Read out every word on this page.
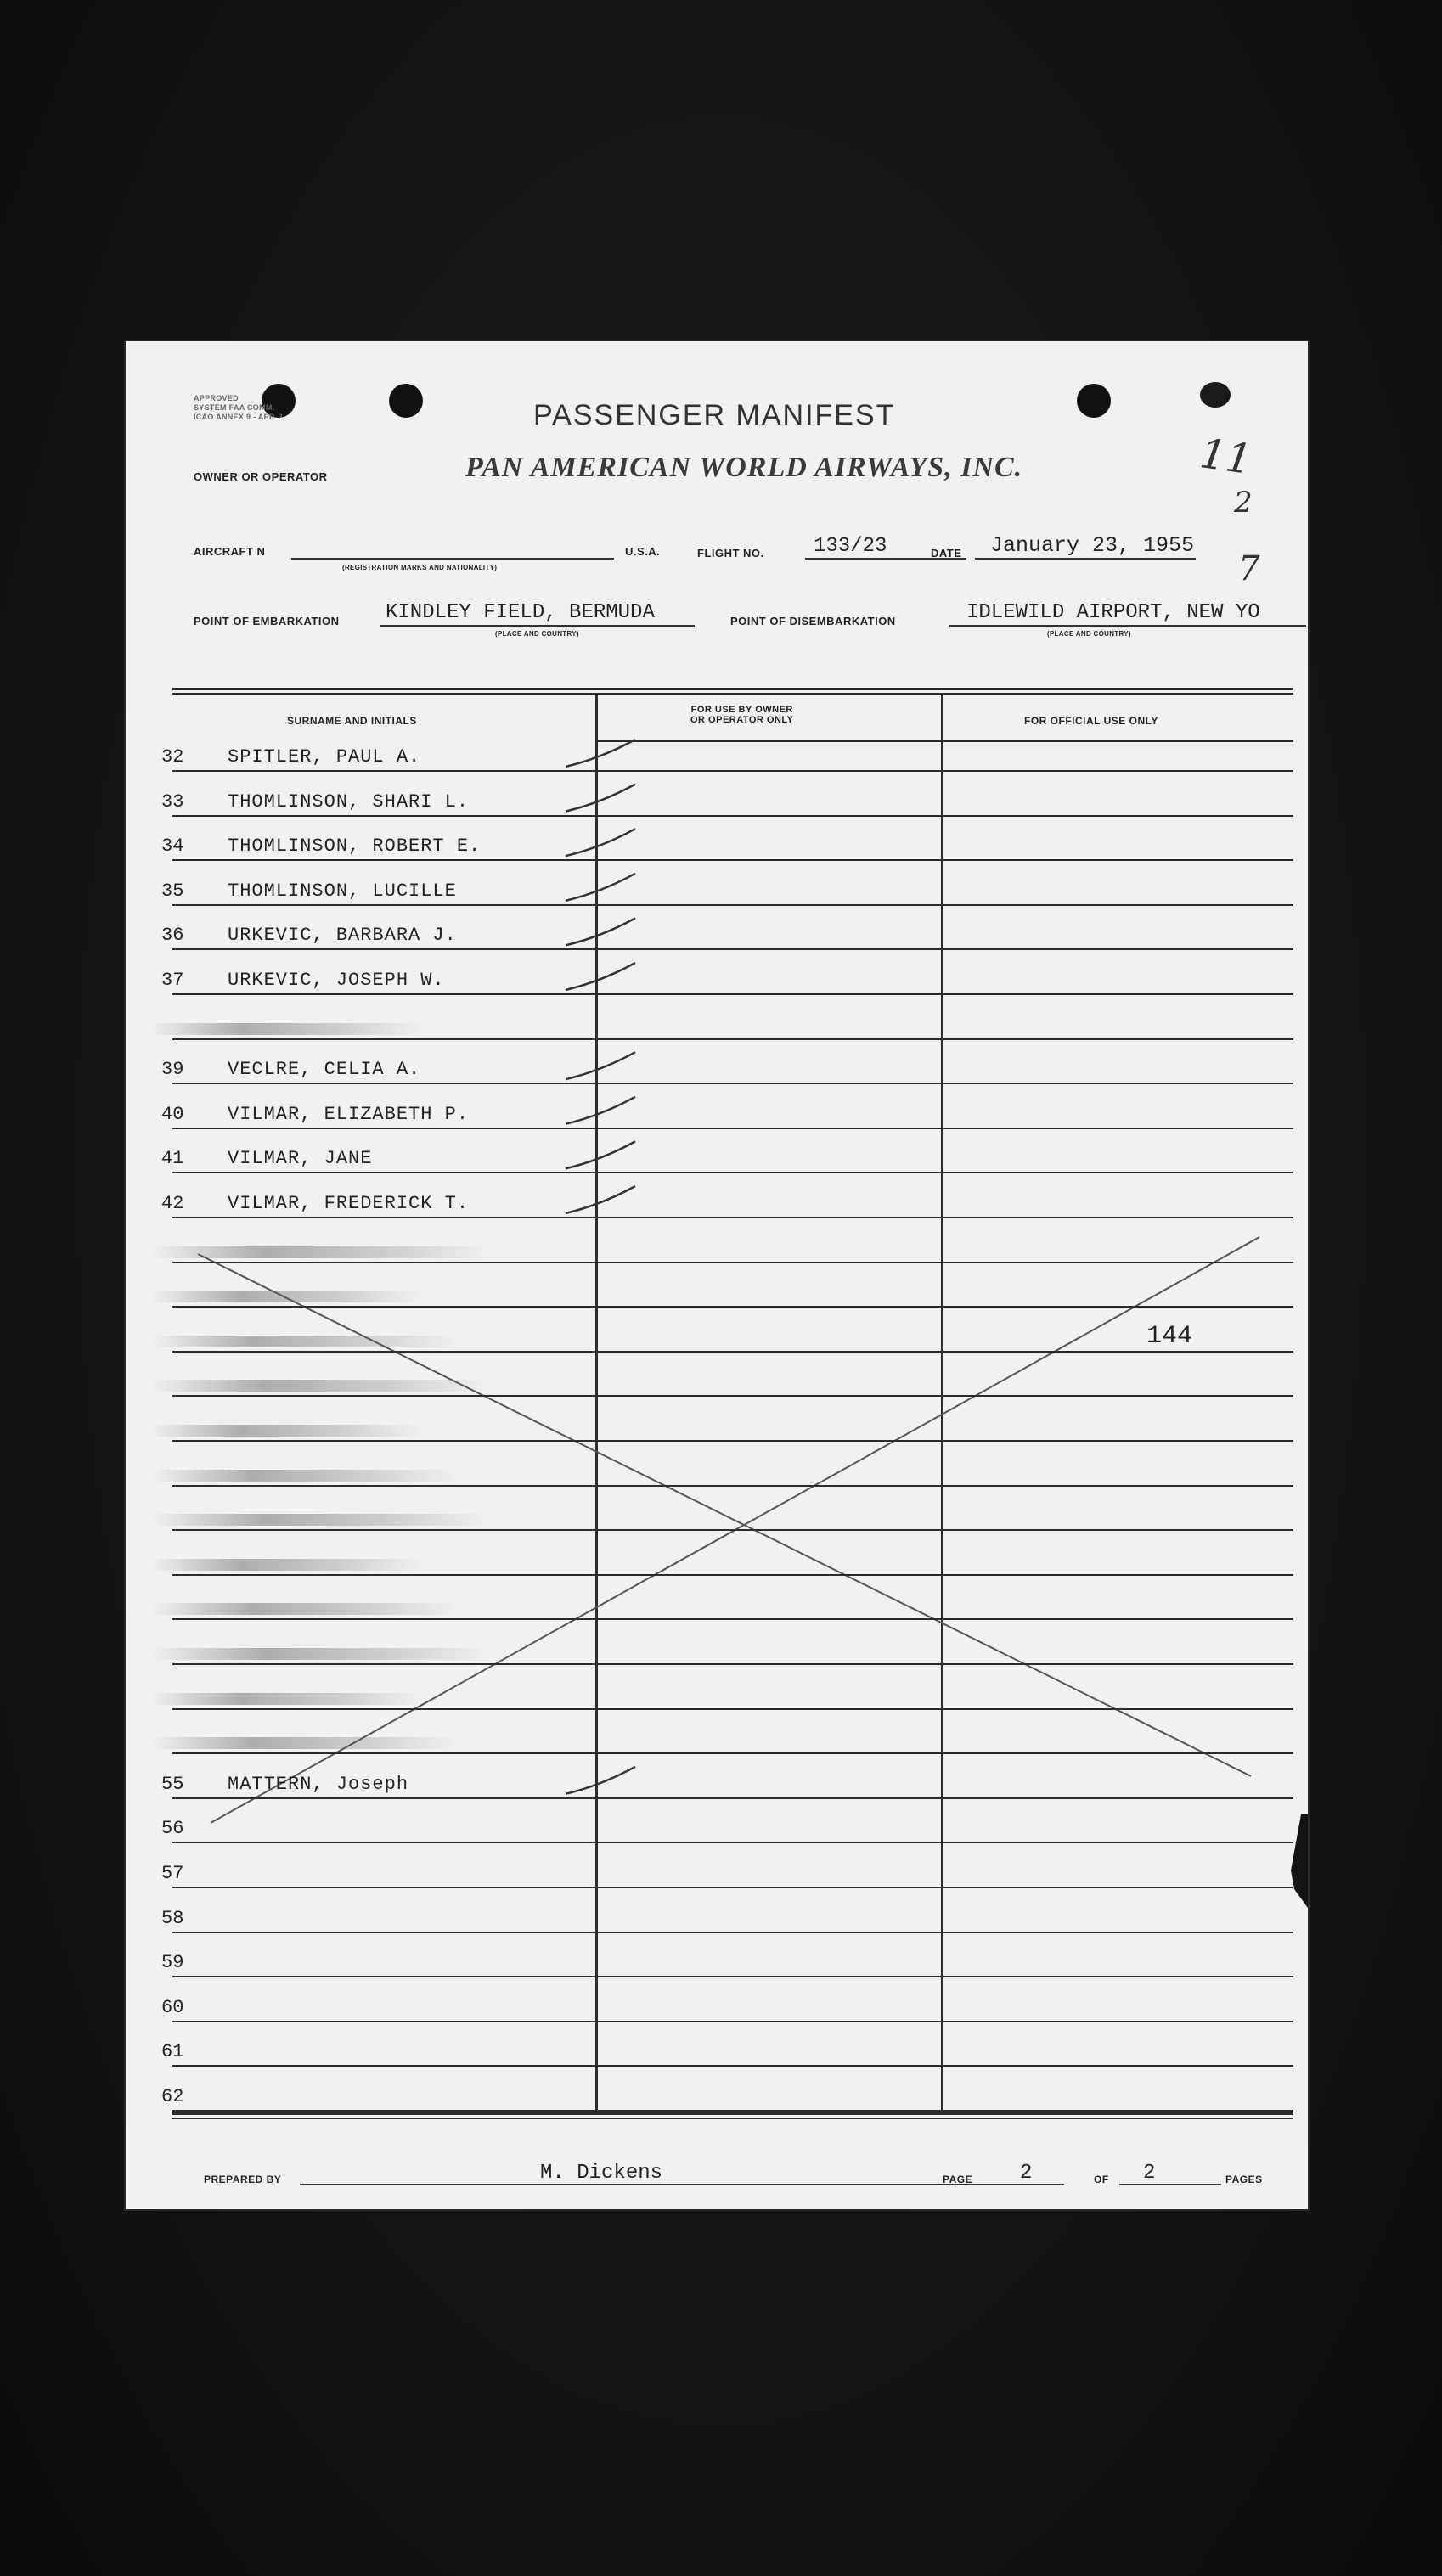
APPROVED
SYSTEM FAA COMM.
ICAO ANNEX 9 - APP. 2	PASSENGER MANIFEST
OWNER OR OPERATOR	PAN AMERICAN WORLD AIRWAYS, INC.	11
2
7
AIRCRAFT N
(REGISTRATION MARKS AND NATIONALITY)
U.S.A.	FLIGHT NO. 133/23	DATE January 23, 1955
POINT OF EMBARKATION KINDLEY FIELD, BERMUDA
(PLACE AND COUNTRY)
POINT OF DISEMBARKATION	IDLEWILD AIRPORT, NEW YO
(PLACE AND COUNTRY)
SURNAME AND INITIALS
FOR USE BY OWNER
OR OPERATOR ONLY	FOR OFFICIAL USE ONLY
144
PREPARED BY	M. Dickens	PAGE 2	OF 2	PAGES
32 SPITLER, PAUL A.
33 THOMLINSON, SHARI L.
34 THOMLINSON, ROBERT E.
35 THOMLINSON, LUCILLE
36 URKEVIC, BARBARA J.
37 URKEVIC, JOSEPH W.
39 VECLRE, CELIA A.
40 VILMAR, ELIZABETH P.
41 VILMAR, JANE
42 VILMAR, FREDERICK T.
55 MATTERN, Joseph
56
57
58
59
60
61
62
